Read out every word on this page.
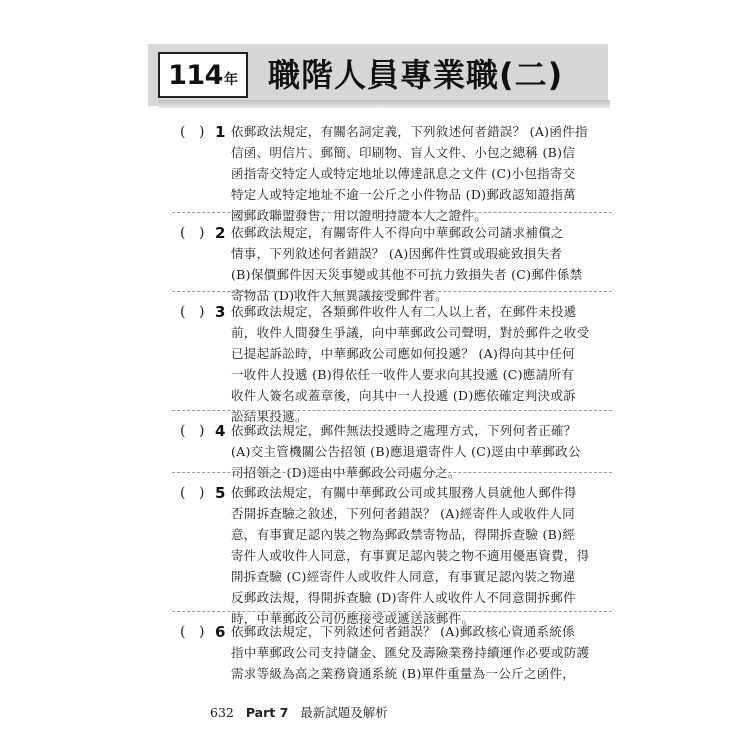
114 年 職階人員專業職(二)
( ) 1 依郵政法規定，有關名詞定義，下列敘述何者錯誤？ (A)函件指
信函、明信片、郵簡、印刷物、盲人文件、小包之總稱 (B)信
函指寄交特定人或特定地址以傳達訊息之文件 (C)小包指寄交
特定人或特定地址不逾一公斤之小件物品 (D)郵政認知證指萬
國郵政聯盟發售，用以證明持證本人之證件。
( ) 2 依郵政法規定，有關寄件人不得向中華郵政公司請求補償之
情事，下列敘述何者錯誤？ (A)因郵件性質或瑕疵致損失者
(B)保價郵件因天災事變或其他不可抗力致損失者 (C)郵件係禁
寄物品 (D)收件人無異議接受郵件者。
( ) 3 依郵政法規定，各類郵件收件人有二人以上者，在郵件未投遞
前，收件人間發生爭議，向中華郵政公司聲明，對於郵件之收受
已提起訴訟時，中華郵政公司應如何投遞？ (A)得向其中任何
一收件人投遞 (B)得依任一收件人要求向其投遞 (C)應請所有
收件人簽名或蓋章後，向其中一人投遞 (D)應依確定判決或訴
訟結果投遞。
( ) 4 依郵政法規定，郵件無法投遞時之處理方式，下列何者正確？
(A)交主管機關公告招領 (B)應退還寄件人 (C)逕由中華郵政公
司招領之 (D)逕由中華郵政公司處分之。
( ) 5 依郵政法規定，有關中華郵政公司或其服務人員就他人郵件得
否開拆查驗之敘述，下列何者錯誤？ (A)經寄件人或收件人同
意，有事實足認內裝之物為郵政禁寄物品，得開拆查驗 (B)經
寄件人或收件人同意，有事實足認內裝之物不適用優惠資費，得
開拆查驗 (C)經寄件人或收件人同意，有事實足認內裝之物違
反郵政法規，得開拆查驗 (D)寄件人或收件人不同意開拆郵件
時，中華郵政公司仍應接受或遞送該郵件。
( ) 6 依郵政法規定，下列敘述何者錯誤？ (A)郵政核心資通系統係
指中華郵政公司支持儲金、匯兌及壽險業務持續運作必要或防護
需求等級為高之業務資通系統 (B)單件重量為一公斤之函件，
632 Part 7 最新試題及解析
